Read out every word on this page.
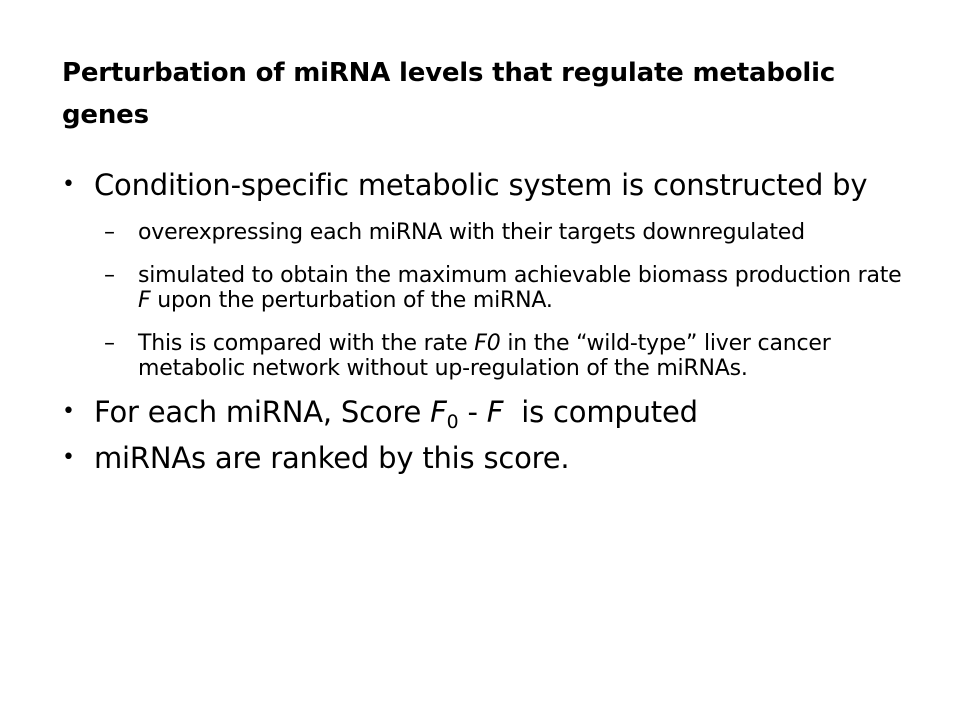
Perturbation of miRNA levels that regulate metabolic genes
• Condition-specific metabolic system is constructed by
– overexpressing each miRNA with their targets downregulated
– simulated to obtain the maximum achievable biomass production rate F upon the perturbation of the miRNA.
– This is compared with the rate F0 in the “wild-type” liver cancer metabolic network without up-regulation of the miRNAs.
• For each miRNA, Score $F_0$ - F  is computed
• miRNAs are ranked by this score.
